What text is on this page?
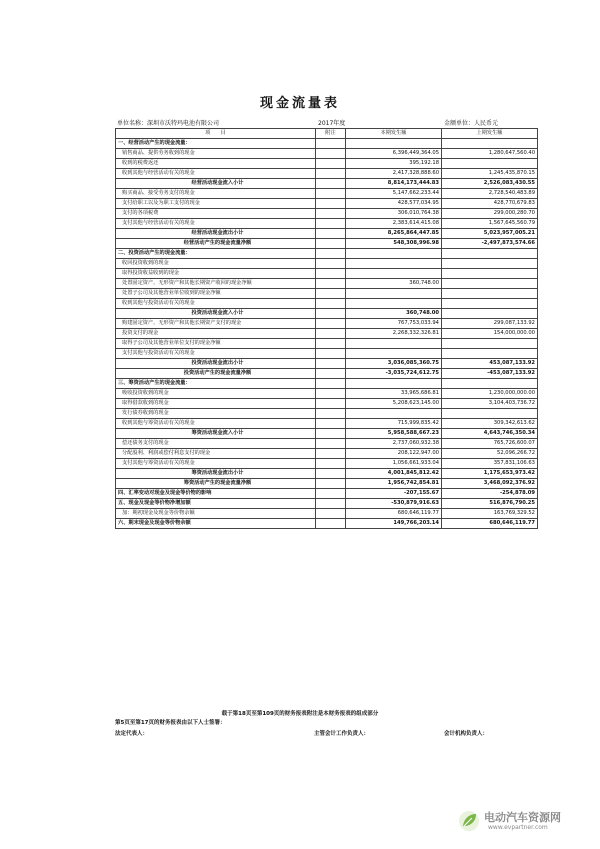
现金流量表
单位名称：深圳市沃特玛电池有限公司	2017年度	金额单位：人民币元
项　　目	附注	本期发生额	上期发生额
一、经营活动产生的现金流量：			
销售商品、提供劳务收到的现金		6,396,449,364.05	1,280,647,560.40
收到的税费返还		395,192.18	
收到其他与经营活动有关的现金		2,417,328,888.60	1,245,435,870.15
经营活动现金流入小计		8,814,173,444.83	2,526,083,430.55
购买商品、接受劳务支付的现金		5,147,662,233.44	2,728,540,483.89
支付给职工以及为职工支付的现金		428,577,034.95	428,770,679.83
支付的各项税费		306,010,764.38	299,000,280.70
支付其他与经营活动有关的现金		2,383,614,415.08	1,567,645,560.79
经营活动现金流出小计		8,265,864,447.85	5,023,957,005.21
经营活动产生的现金流量净额		548,308,996.98	-2,497,873,574.66
二、投资活动产生的现金流量：			
收回投资收到的现金			
取得投资收益收到的现金			
处置固定资产、无形资产和其他长期资产收回的现金净额		360,748.00	
处置子公司及其他营业单位收到的现金净额			
收到其他与投资活动有关的现金			
投资活动现金流入小计		360,748.00	
购建固定资产、无形资产和其他长期资产支付的现金		767,753,033.94	299,087,133.92
投资支付的现金		2,268,332,326.81	154,000,000.00
取得子公司及其他营业单位支付的现金净额			
支付其他与投资活动有关的现金			
投资活动现金流出小计		3,036,085,360.75	453,087,133.92
投资活动产生的现金流量净额		-3,035,724,612.75	-453,087,133.92
三、筹资活动产生的现金流量：			
吸收投资收到的现金		33,965,686.81	1,230,000,000.00
取得借款收到的现金		5,208,623,145.00	3,104,403,736.72
发行债券收到的现金			
收到其他与筹资活动有关的现金		715,999,835.42	309,342,613.62
筹资活动现金流入小计		5,958,588,667.23	4,643,746,350.34
偿还债务支付的现金		2,737,060,932.38	765,726,600.07
分配股利、利润或偿付利息支付的现金		208,122,947.00	52,096,266.72
支付其他与筹资活动有关的现金		1,056,661,933.04	357,831,106.63
筹资活动现金流出小计		4,001,845,812.42	1,175,653,973.42
筹资活动产生的现金流量净额		1,956,742,854.81	3,468,092,376.92
四、汇率变动对现金及现金等价物的影响		-207,155.67	-254,878.09
五、现金及现金等价物净增加额		-530,879,916.63	516,876,790.25
加：期初现金及现金等价物余额		680,646,119.77	163,769,329.52
六、期末现金及现金等价物余额		149,766,203.14	680,646,119.77
载于第18页至第109页的财务报表附注是本财务报表的组成部分
第5页至第17页的财务报表由以下人士签署：
法定代表人：	主管会计工作负责人：	会计机构负责人：
电动汽车资源网
www.evpartner.com
